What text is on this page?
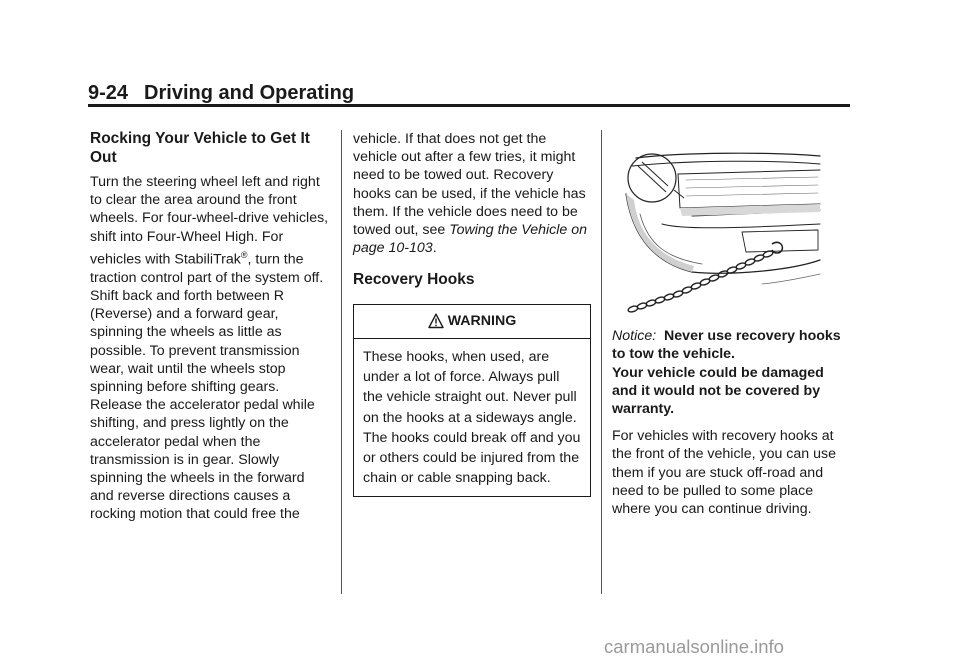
9-24 Driving and Operating
Rocking Your Vehicle to Get It Out

Turn the steering wheel left and right to clear the area around the front wheels. For four-wheel-drive vehicles, shift into Four-Wheel High. For vehicles with StabiliTrak®, turn the traction control part of the system off. Shift back and forth between R (Reverse) and a forward gear, spinning the wheels as little as possible. To prevent transmission wear, wait until the wheels stop spinning before shifting gears. Release the accelerator pedal while shifting, and press lightly on the accelerator pedal when the transmission is in gear. Slowly spinning the wheels in the forward and reverse directions causes a rocking motion that could free the

vehicle. If that does not get the vehicle out after a few tries, it might need to be towed out. Recovery hooks can be used, if the vehicle has them. If the vehicle does need to be towed out, see Towing the Vehicle on page 10-103.

Recovery Hooks
WARNING
These hooks, when used, are under a lot of force. Always pull the vehicle straight out. Never pull on the hooks at a sideways angle. The hooks could break off and you or others could be injured from the chain or cable snapping back.

Notice: Never use recovery hooks to tow the vehicle.
Your vehicle could be damaged and it would not be covered by warranty.

For vehicles with recovery hooks at the front of the vehicle, you can use them if you are stuck off-road and need to be pulled to some place where you can continue driving.

carmanualsonline.info
